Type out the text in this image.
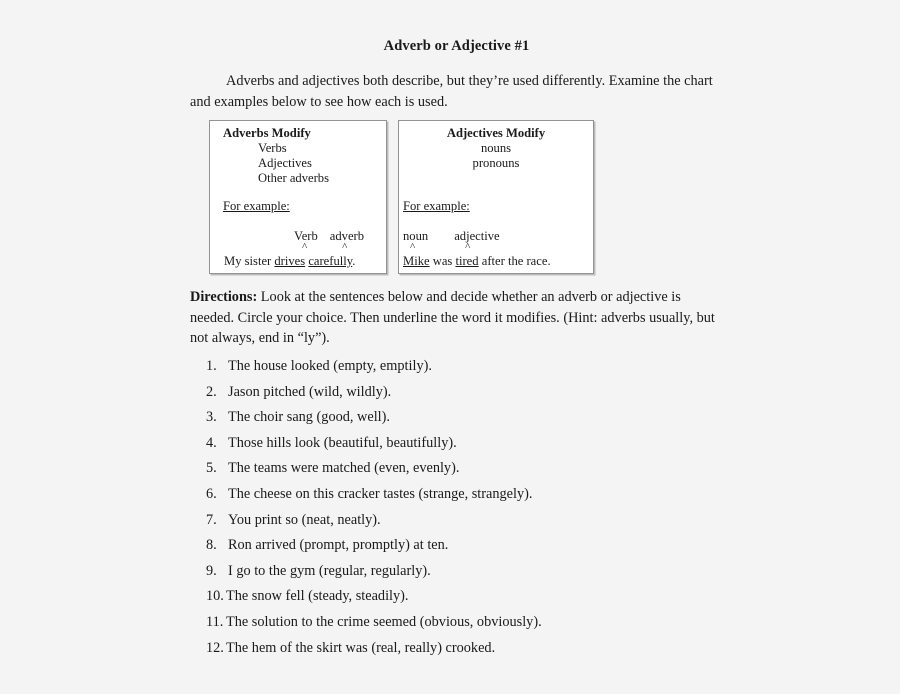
Adverb or Adjective #1
Adverbs and adjectives both describe, but they’re used differently. Examine the chart and examples below to see how each is used.
Adverbs Modify
Verbs
Adjectives
Other adverbs
For example:
Verb adverb
^	^
My sister drives carefully.
Adjectives Modify
nouns
pronouns
For example:
noun adjective
^	^
Mike was tired after the race.
Directions: Look at the sentences below and decide whether an adverb or adjective is needed. Circle your choice. Then underline the word it modifies. (Hint: adverbs usually, but not always, end in “ly”).
1. The house looked (empty, emptily).
2. Jason pitched (wild, wildly).
3. The choir sang (good, well).
4. Those hills look (beautiful, beautifully).
5. The teams were matched (even, evenly).
6. The cheese on this cracker tastes (strange, strangely).
7. You print so (neat, neatly).
8. Ron arrived (prompt, promptly) at ten.
9. I go to the gym (regular, regularly).
10. The snow fell (steady, steadily).
11. The solution to the crime seemed (obvious, obviously).
12. The hem of the skirt was (real, really) crooked.
